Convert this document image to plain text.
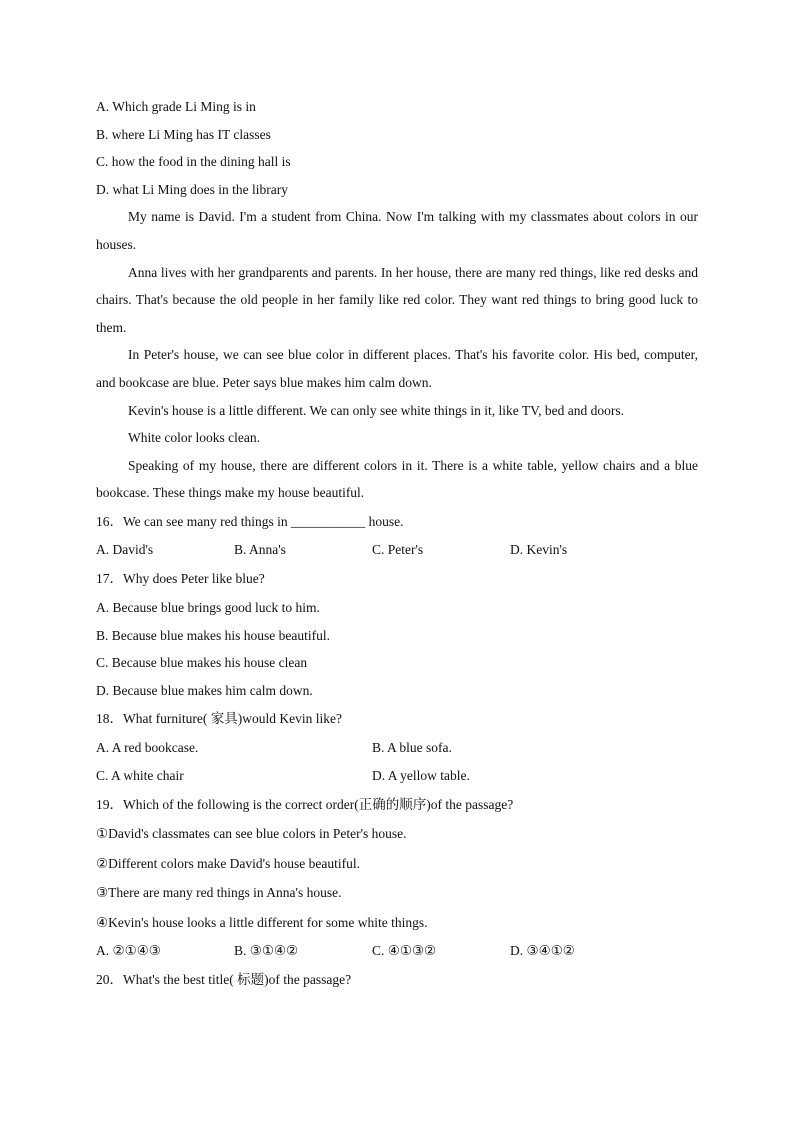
A. Which grade Li Ming is in
B. where Li Ming has IT classes
C. how the food in the dining hall is
D. what Li Ming does in the library
My name is David. I'm a student from China. Now I'm talking with my classmates about colors in our houses.
Anna lives with her grandparents and parents. In her house, there are many red things, like red desks and chairs. That's because the old people in her family like red color. They want red things to bring good luck to them.
In Peter's house, we can see blue color in different places. That's his favorite color. His bed, computer, and bookcase are blue. Peter says blue makes him calm down.
Kevin's house is a little different. We can only see white things in it, like TV, bed and doors.
White color looks clean.
Speaking of my house, there are different colors in it. There is a white table, yellow chairs and a blue bookcase. These things make my house beautiful.
16．We can see many red things in ___________ house.
A. David's	B. Anna's	C. Peter's	D. Kevin's
17．Why does Peter like blue?
A. Because blue brings good luck to him.
B. Because blue makes his house beautiful.
C. Because blue makes his house clean
D. Because blue makes him calm down.
18．What furniture( 家具)would Kevin like?
A. A red bookcase.	B. A blue sofa.
C. A white chair	D. A yellow table.
19．Which of the following is the correct order(正确的顺序)of the passage?
①David's classmates can see blue colors in Peter's house.
②Different colors make David's house beautiful.
③There are many red things in Anna's house.
④Kevin's house looks a little different for some white things.
A. ②①④③	B. ③①④②	C. ④①③②	D. ③④①②
20．What's the best title( 标题)of the passage?
